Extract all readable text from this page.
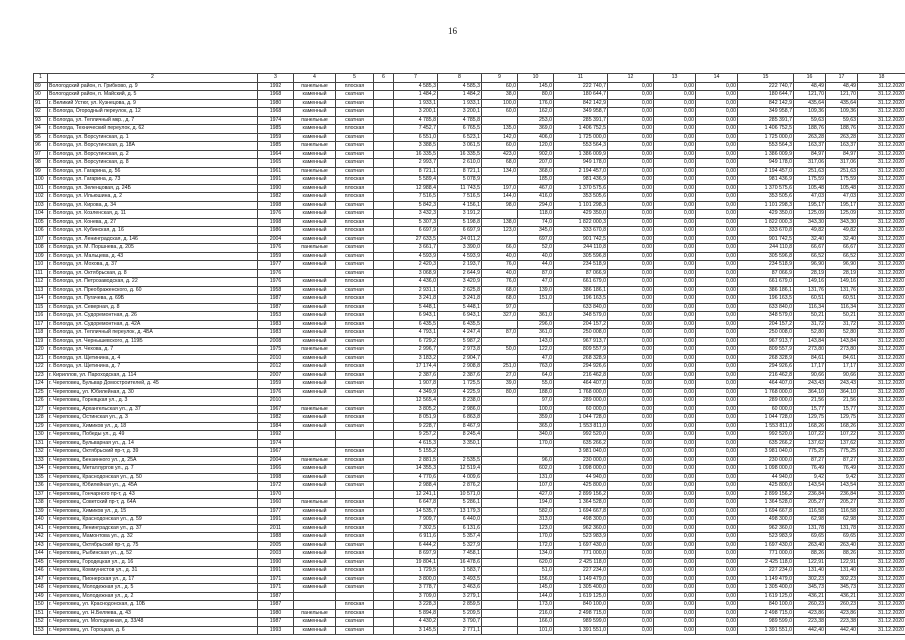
16
1	2	3	4	5	6	7	8	9	10	11	12	13	14	15	16	17	18
89	Вологодский район, п. Грибково, д. 9	1992	панельные	плоская		4 585,3	4 585,3	60,0	145,0	222 740,7	0,00	0,00	0,00	222 740,7	48,49	48,49	31.12.2020
90	Вологодский район, п. Майский, д. 5	1968	каменный	скатная		1 484,2	1 484,2	38,0	80,0	180 644,7	0,00	0,00	0,00	180 644,7	121,70	121,70	31.12.2020
91	г. Великий Устюг, ул. Кузнецова, д. 9	1980	каменный	скатная		1 933,1	1 933,1	100,0	176,0	842 142,9	0,00	0,00	0,00	842 142,9	435,64	435,64	31.12.2020
92	г. Вологда, Огородный переулок, д. 12	1968	каменный	скатная		3 200,1	3 200,1	60,0	162,0	349 958,7	0,00	0,00	0,00	349 958,7	109,36	109,36	31.12.2020
93	г. Вологда, ул. Тепличный мкр., д. 7	1974	панельные	скатная		4 785,8	4 785,8		253,0	285 391,7	0,00	0,00	0,00	285 391,7	59,63	59,63	31.12.2020
94	г. Вологда, Технический переулок, д. 62	1985	каменный	плоская		7 452,7	6 765,5	135,0	369,0	1 406 752,5	0,00	0,00	0,00	1 406 752,5	188,76	188,76	31.12.2020
95	г. Вологда, ул. Ворсугинская, д. 1	1959	каменный	скатная		6 551,0	6 523,1	142,0	406,0	1 725 000,0	0,00	0,00	0,00	1 725 000,0	263,28	263,28	31.12.2020
96	г. Вологда, ул. Ворсугинская, д. 18А	1985	панельные	скатная		3 388,5	3 061,5	60,0	120,0	553 564,3	0,00	0,00	0,00	553 564,3	163,37	163,37	31.12.2020
97	г. Вологда, ул. Ворсугинская, д. 2	1964	каменный	скатная		16 335,5	16 335,5	423,0	902,0	1 386 009,9	0,00	0,00	0,00	1 386 009,9	84,97	84,97	31.12.2020
98	г. Вологда, ул. Ворсугинская, д. 8	1965	каменный	скатная		2 993,7	2 610,0	68,0	207,0	949 178,0	0,00	0,00	0,00	949 178,0	317,06	317,06	31.12.2020
99	г. Вологда, ул. Гагарина, д. 56	1961	панельные	скатная		8 721,1	8 721,1	134,0	368,0	2 194 457,0	0,00	0,00	0,00	2 194 457,0	251,63	251,63	31.12.2020
100	г. Вологда, ул. Гагарина, д. 73	1991	каменный	плоская		5 589,4	5 078,9		185,0	981 436,9	0,00	0,00	0,00	981 436,9	175,59	175,59	31.12.2020
101	г. Вологда, ул. Зеленцовая, д. 24Б	1990	каменный	плоская		12 988,4	11 743,5	197,0	467,0	1 370 575,6	0,00	0,00	0,00	1 370 575,6	105,48	105,48	31.12.2020
102	г. Вологда, ул. Ильюшина, д. 2	1982	каменный	плоская		7 516,5	7 516,5	144,0	416,0	353 505,6	0,00	0,00	0,00	353 505,6	47,03	47,03	31.12.2020
103	г. Вологда, ул. Кирова, д. 34	1998	каменный	скатная		5 842,3	4 156,1	98,0	294,0	1 101 298,3	0,00	0,00	0,00	1 101 298,3	195,17	195,17	31.12.2020
104	г. Вологда, ул. Козленская, д. 11	1976	каменный	скатная		3 432,3	3 191,2		118,0	429 350,0	0,00	0,00	0,00	429 350,0	125,09	125,09	31.12.2020
105	г. Вологда, ул. Конева, д. 27	1998	каменный	плоская		5 307,3	5 198,8	138,0	74,0	1 822 000,3	0,00	0,00	0,00	1 822 000,3	343,30	343,30	31.12.2020
106	г. Вологда, ул. Кубинская, д. 16	1986	каменный	плоская		6 697,9	6 697,9	123,0	345,0	333 670,8	0,00	0,00	0,00	333 670,8	49,82	49,82	31.12.2020
107	г. Вологда, ул. Ленинградская, д. 146	2004	каменный	скатная		27 633,5	24 011,2		697,0	901 742,5	0,00	0,00	0,00	901 742,5	32,40	32,40	31.12.2020
108	г. Вологда, ул. М. Поршнева, д. 205	1976	панельные	скатная		3 661,7	3 390,0	66,0	52,0	244 110,8	0,00	0,00	0,00	244 110,8	66,67	66,67	31.12.2020
109	г. Вологда, ул. Мальцева, д. 43	1959	каменный	скатная		4 593,9	4 593,9	40,0	40,0	305 596,8	0,00	0,00	0,00	305 596,8	66,52	66,52	31.12.2020
110	г. Вологда, ул. Мохова, д. 37	1977	каменный	скатная		2 420,3	2 193,7	76,0	44,0	234 518,9	0,00	0,00	0,00	234 518,9	96,90	96,90	31.12.2020
111	г. Вологда, ул. Октябрьская, д. 8	1976		скатная		3 068,9	2 644,9	40,0	87,0	87 066,9	0,00	0,00	0,00	87 066,9	28,19	28,19	31.12.2020
112	г. Вологда, ул. Петрозаводская, д. 22	1976	каменный	плоская		4 436,0	3 420,9	76,0	47,0	661 679,0	0,00	0,00	0,00	661 679,0	149,16	149,16	31.12.2020
113	г. Вологда, ул. Преображенского, д. 60	1958	каменный	скатная		2 931,1	2 625,8	68,0	139,0	386 186,1	0,00	0,00	0,00	386 186,1	131,76	131,76	31.12.2020
114	г. Вологда, ул. Пугачева, д. 69Б	1987	каменный	плоская		3 241,8	3 241,8	68,0	151,0	196 163,5	0,00	0,00	0,00	196 163,5	60,51	60,51	31.12.2020
115	г. Вологда, ул. Северная, д. 8	1987	каменный	плоская		5 448,1	5 448,1	97,0		633 840,0	0,00	0,00	0,00	633 840,0	116,34	116,34	31.12.2020
116	г. Вологда, ул. Судоремонтная, д. 26	1953	каменный	плоская		6 943,1	6 943,1	327,0	361,0	348 579,0	0,00	0,00	0,00	348 579,0	50,21	50,21	31.12.2020
117	г. Вологда, ул. Судоремонтная, д. 42А	1983	каменный	плоская		6 435,5	6 435,5		296,0	204 157,2	0,00	0,00	0,00	204 157,2	31,72	31,72	31.12.2020
118	г. Вологда, ул. Тепличный переулок, д. 4БА	1983	каменный	плоская		4 793,1	4 247,4	87,0	361,0	250 008,0	0,00	0,00	0,00	250 008,0	52,80	52,80	31.12.2020
119	г. Вологда, ул. Чернышевского, д. 119Б	2008	каменный	скатная		6 729,2	5 987,2		143,0	967 913,7	0,00	0,00	0,00	967 913,7	143,84	143,84	31.12.2020
120	г. Вологда, ул. Чехова, д. 7	1975	панельные	скатная		2 996,7	2 973,8	50,0	122,0	809 557,9	0,00	0,00	0,00	809 557,9	273,80	273,80	31.12.2020
121	г. Вологда, ул. Щетинина, д. 4	2010	каменный	скатная		3 183,2	2 904,7		47,0	268 328,9	0,00	0,00	0,00	268 328,9	84,61	84,61	31.12.2020
122	г. Вологда, ул. Щетинина, д. 7	2012	каменный	плоская		17 174,4	2 908,8	251,0	763,0	294 926,6	0,00	0,00	0,00	294 926,6	17,17	17,17	31.12.2020
123	г. Кириллов, ул. Пароходская, д. 114	2007	каменный	плоская		2 387,6	2 387,6	27,0	64,0	216 462,8	0,00	0,00	0,00	216 462,8	90,66	90,66	31.12.2020
124	г. Череповец, Бульвар Домостроителей, д. 45	1959	каменный	скатная		1 907,8	1 725,5	39,0	55,0	464 407,0	0,00	0,00	0,00	464 407,0	243,43	243,43	31.12.2020
125	г. Череповец, ул. Юбилейная, д. 30	1976	каменный	скатная		4 349,9	4 225,9	80,0	188,0	1 768 000,0	0,00	0,00	0,00	1 768 000,0	364,10	364,10	31.12.2020
126	г. Череповец, Горняцкая ул., д. 3	2010				12 565,4	8 238,0		97,0	289 000,0	0,00	0,00	0,00	289 000,0	21,56	21,56	31.12.2020
127	г. Череповец, Архангельская ул., д. 37	1967	панельные	скатная		3 805,2	2 986,0		100,0	60 000,0	0,00	0,00	0,00	60 000,0	15,77	15,77	31.12.2020
128	г. Череповец, Остинская ул., д. 3	1982	каменный	плоская		8 051,9	6 863,8		359,0	1 044 728,0	0,00	0,00	0,00	1 044 728,0	129,75	129,75	31.12.2020
129	г. Череповец, Химиков ул., д. 18	1984	каменный	скатная		9 228,7	8 467,9		365,0	1 553 811,0	0,00	0,00	0,00	1 553 811,0	168,26	168,26	31.12.2020
130	г. Череповец, Победы ул., д. 49	1992				9 257,2	8 245,4		340,0	992 520,0	0,00	0,00	0,00	992 520,0	107,22	107,22	31.12.2020
131	г. Череповец, Бульварная ул., д. 14	1974				4 615,3	3 350,1		170,0	635 266,2	0,00	0,00	0,00	635 266,2	137,62	137,62	31.12.2020
132	г. Череповец, Октябрьский пр-т, д. 39	1967		плоская		5 155,2				3 981 040,0	0,00	0,00	0,00	3 981 040,0	775,25	775,25	31.12.2020
133	г. Череповец, Бензинного ул., д. 25А	2004	панельные	плоская		2 881,5	2 535,5		96,0	230 000,0	0,00	0,00	0,00	230 000,0	87,27	87,27	31.12.2020
134	г. Череповец, Металлургов ул., д. 7	1966	каменный	скатная		14 355,3	12 519,4		602,0	1 098 000,0	0,00	0,00	0,00	1 098 000,0	76,49	76,49	31.12.2020
135	г. Череповец, Краснодонская ул., д. 50	1998	каменный	скатная		4 770,6	4 009,6		131,0	44 940,0	0,00	0,00	0,00	44 940,0	9,42	9,42	31.12.2020
136	г. Череповец, Юбилейная ул., д. 45А	1972	каменный	скатная		2 988,4	2 876,2		107,0	425 800,0	0,00	0,00	0,00	425 800,0	143,54	143,54	31.12.2020
137	г. Череповец, Гончарного пр-т, д. 43	1970				12 241,1	10 571,0		427,0	2 899 156,2	0,00	0,00	0,00	2 899 156,2	236,84	236,84	31.12.2020
138	г. Череповец, Советский пр-т, д. 64А	1960	панельные	плоская		6 647,8	5 286,1		194,0	1 364 528,0	0,00	0,00	0,00	1 364 528,0	205,27	205,27	31.12.2020
139	г. Череповец, Химиков ул., д. 15	1977	каменный	плоская		14 535,7	13 179,3		582,0	1 694 667,8	0,00	0,00	0,00	1 694 667,8	116,58	116,58	31.12.2020
140	г. Череповец, Краснодонская ул., д. 59	1991	каменный	плоская		7 909,7	6 440,0		313,0	498 300,0	0,00	0,00	0,00	498 300,0	62,98	62,98	31.12.2020
141	г. Череповец, Ленинградская ул., д. 37	2011	каменный	плоская		7 302,5	6 131,6		123,0	962 360,0	0,00	0,00	0,00	962 360,0	131,78	131,78	31.12.2020
142	г. Череповец, Мамонтова ул., д. 32	1988	каменный	плоская		6 911,6	5 357,4		170,0	523 983,9	0,00	0,00	0,00	523 983,9	69,65	69,65	31.12.2020
143	г. Череповец, Октябрьский пр-т, д. 75	2005	каменный	скатная		6 444,2	5 327,9		172,0	1 697 430,0	0,00	0,00	0,00	1 697 430,0	263,40	263,40	31.12.2020
144	г. Череповец, Рыбинская ул., д. 52	2003	каменный	плоская		8 697,9	7 458,1		134,0	771 000,0	0,00	0,00	0,00	771 000,0	88,26	88,26	31.12.2020
145	г. Череповец, Городецкая ул., д. 16	1990	каменный	скатная		19 804,1	16 478,6		620,0	2 425 118,0	0,00	0,00	0,00	2 425 118,0	122,91	122,91	31.12.2020
146	г. Череповец, Коммунистов ул., д. 31	1991	каменный	плоская		1 729,5	1 583,7		51,0	227 234,0	0,00	0,00	0,00	227 234,0	131,40	131,40	31.12.2020
147	г. Череповец, Пионерская ул., д. 17	1971	каменный	скатная		3 800,0	3 493,5		156,0	1 149 479,0	0,00	0,00	0,00	1 149 479,0	302,23	302,23	31.12.2020
148	г. Череповец, Молодежная ул., д. 5	1971	каменный	скатная		3 778,7	3 463,6		145,0	1 305 400,0	0,00	0,00	0,00	1 305 400,0	345,73	345,73	31.12.2020
149	г. Череповец, Молодежная ул., д. 2	1987				3 709,0	3 279,1		144,0	1 619 125,0	0,00	0,00	0,00	1 619 125,0	436,21	436,21	31.12.2020
150	г. Череповец, ул. Краснодонская, д. 10Б	1987		плоская		3 228,3	2 859,5		173,0	840 100,0	0,00	0,00	0,00	840 100,0	260,23	260,23	31.12.2020
151	г. Череповец, ул. Н.Беляева, д. 43	1980	панельные	плоская		5 894,8	5 209,5		216,0	2 498 715,0	0,00	0,00	0,00	2 498 715,0	423,86	423,86	31.12.2020
152	г. Череповец, ул. Молодежная, д. 33/48	1987	каменный	скатная		4 430,2	3 790,7		166,0	989 599,0	0,00	0,00	0,00	989 599,0	223,38	223,38	31.12.2020
153	г. Череповец, ул. Гороцкая, д. 6	1993	каменный	скатная		3 145,5	2 771,1		101,0	1 391 551,0	0,00	0,00	0,00	1 391 551,0	442,40	442,40	31.12.2020
